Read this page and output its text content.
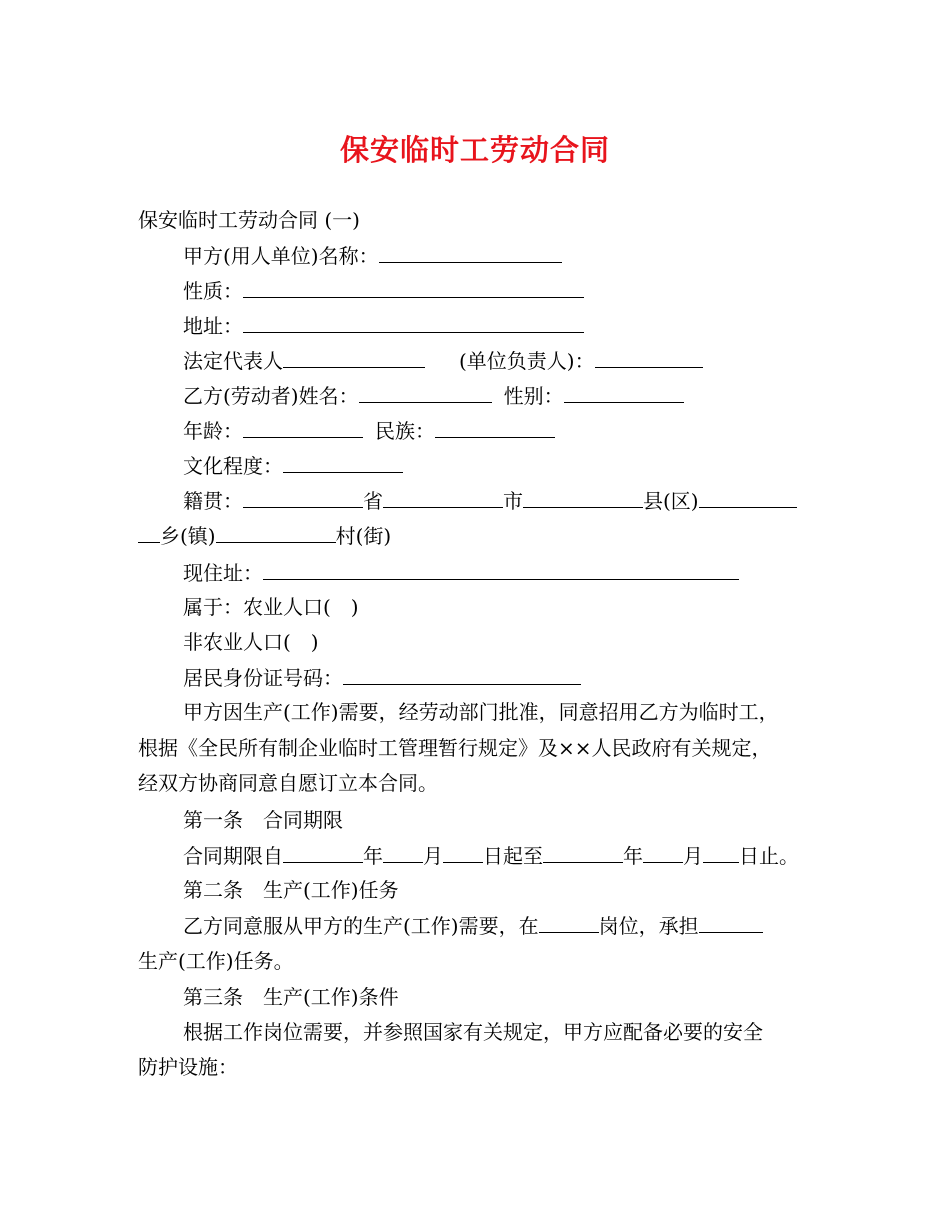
保安临时工劳动合同
保安临时工劳动合同 (一)
甲方(用人单位)名称：
性质：
地址：
法定代表人	(单位负责人)：
乙方(劳动者)姓名：	性别：
年龄：	民族：
文化程度：
籍贯：	省	市	县(区)
乡(镇)	村(街)
现住址：
属于：农业人口(　)
非农业人口(　)
居民身份证号码：
甲方因生产(工作)需要，经劳动部门批准，同意招用乙方为临时工，
根据《全民所有制企业临时工管理暂行规定》及××人民政府有关规定，
经双方协商同意自愿订立本合同。
第一条　合同期限
合同期限自	年 月 日起至	年 月 日止。
第二条　生产(工作)任务
乙方同意服从甲方的生产(工作)需要，在	岗位，承担
生产(工作)任务。
第三条　生产(工作)条件
根据工作岗位需要，并参照国家有关规定，甲方应配备必要的安全
防护设施：
